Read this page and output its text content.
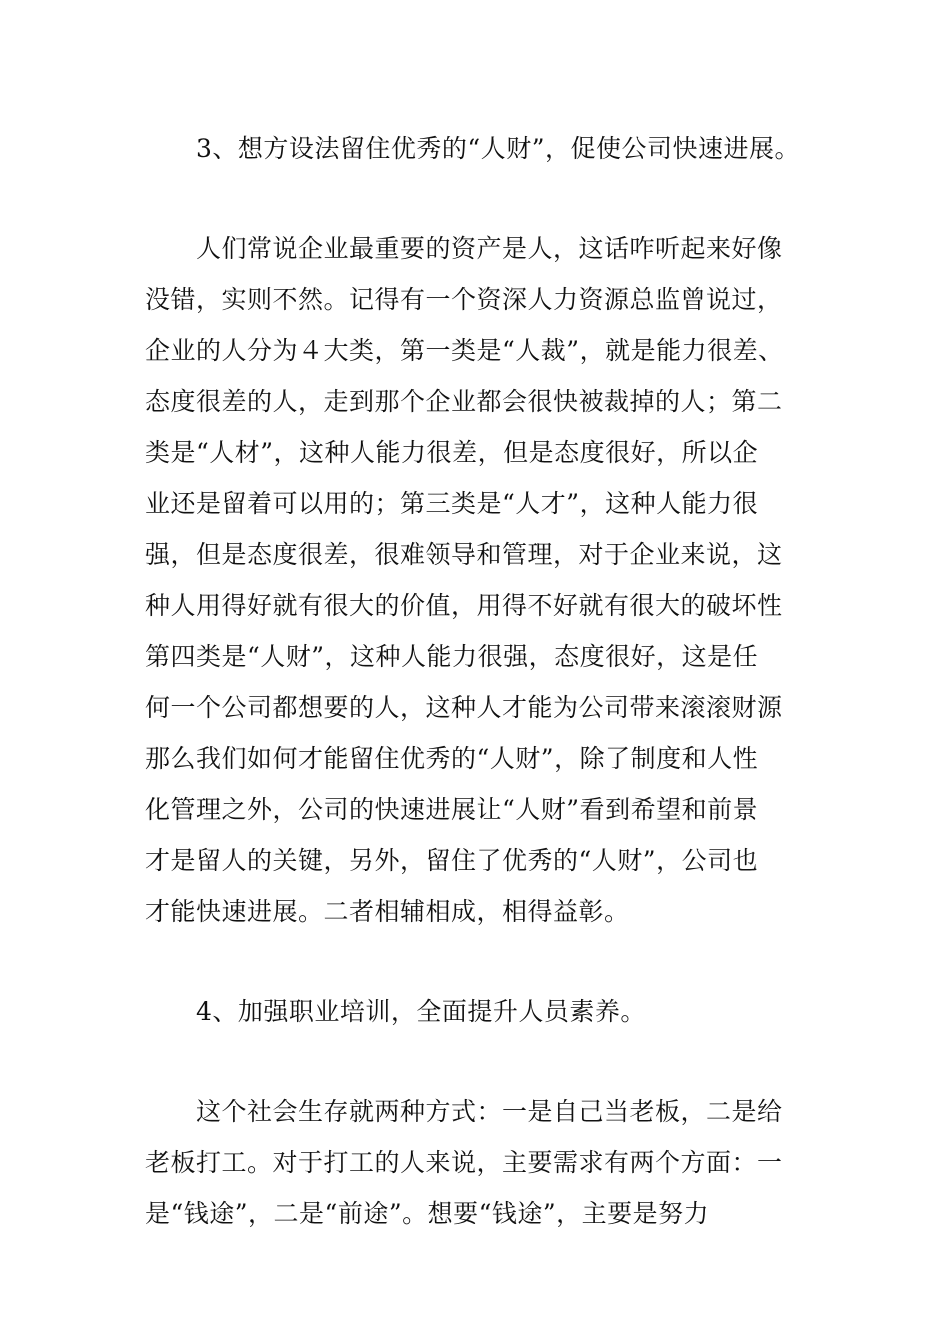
3、想方设法留住优秀的“人财”，促使公司快速进展。
人们常说企业最重要的资产是人，这话咋听起来好像
没错，实则不然。记得有一个资深人力资源总监曾说过，
企业的人分为４大类，第一类是“人裁”，就是能力很差、
态度很差的人，走到那个企业都会很快被裁掉的人；第二
类是“人材”，这种人能力很差，但是态度很好，所以企
业还是留着可以用的；第三类是“人才”，这种人能力很
强，但是态度很差，很难领导和管理，对于企业来说，这
种人用得好就有很大的价值，用得不好就有很大的破坏性
第四类是“人财”，这种人能力很强，态度很好，这是任
何一个公司都想要的人，这种人才能为公司带来滚滚财源
那么我们如何才能留住优秀的“人财”，除了制度和人性
化管理之外，公司的快速进展让“人财”看到希望和前景
才是留人的关键，另外，留住了优秀的“人财”，公司也
才能快速进展。二者相辅相成，相得益彰。
4、加强职业培训，全面提升人员素养。
这个社会生存就两种方式：一是自己当老板，二是给
老板打工。对于打工的人来说，主要需求有两个方面：一
是“钱途”，二是“前途”。想要“钱途”，主要是努力
